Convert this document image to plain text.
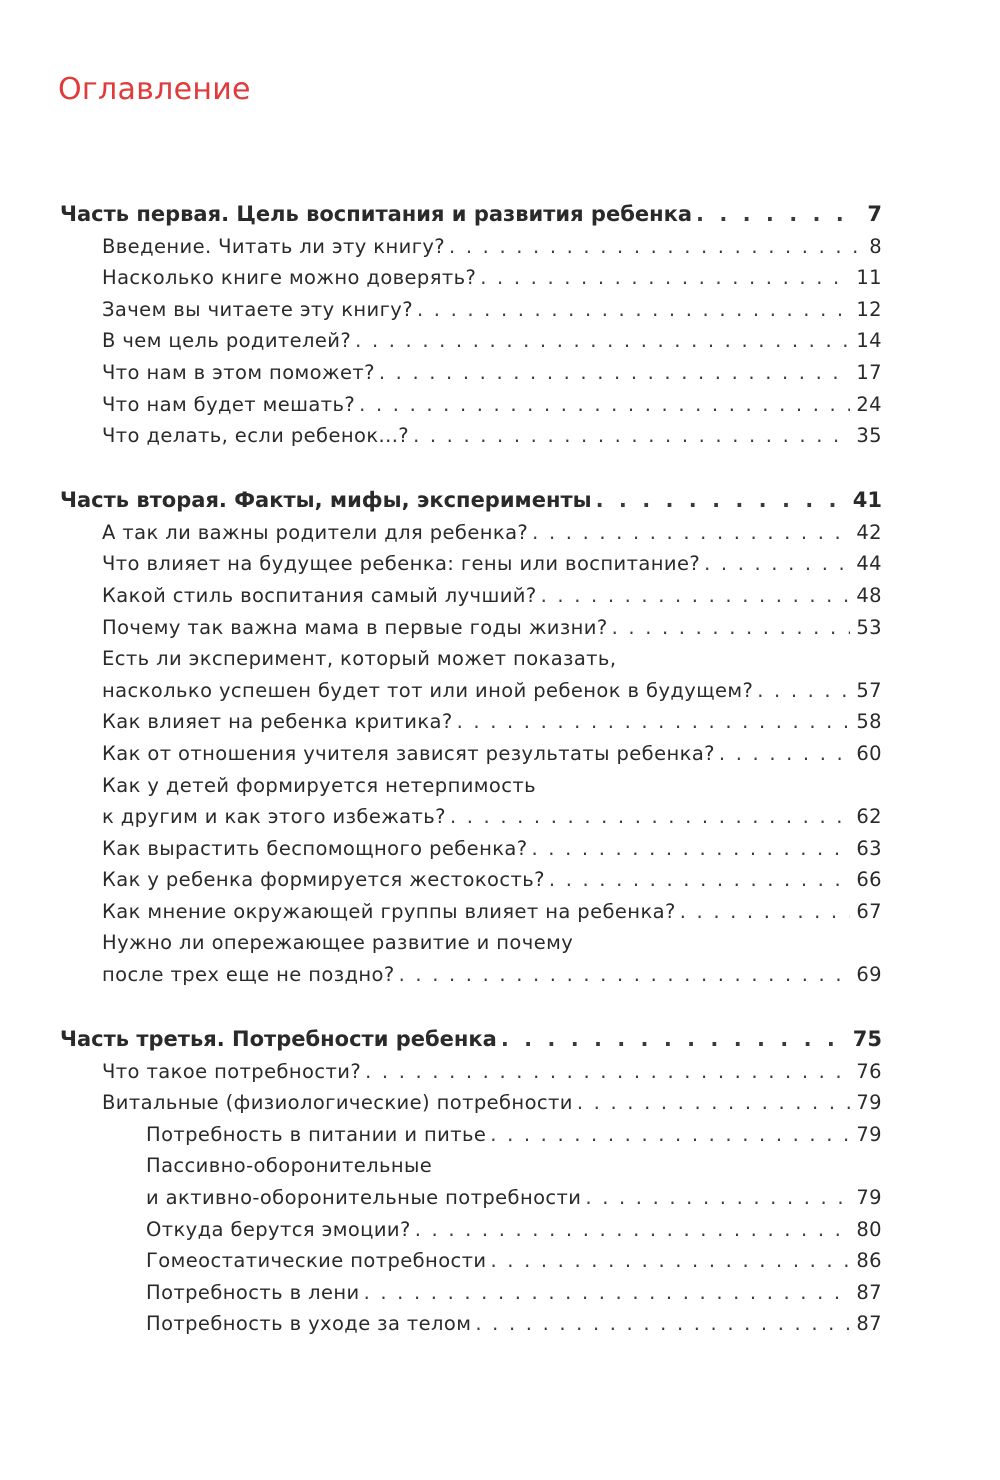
Оглавление
Часть первая. Цель воспитания и развития ребенка . . .	7
Введение. Читать ли эту книгу? . . .	8
Насколько книге можно доверять? . . .	11
Зачем вы читаете эту книгу? . . .	12
В чем цель родителей? . . .	14
Что нам в этом поможет? . . .	17
Что нам будет мешать? . . .	24
Что делать, если ребенок...? . . .	35
Часть вторая. Факты, мифы, эксперименты . . .	41
А так ли важны родители для ребенка? . . .	42
Что влияет на будущее ребенка: гены или воспитание? . . .	44
Какой стиль воспитания самый лучший? . . .	48
Почему так важна мама в первые годы жизни? . . .	53
Есть ли эксперимент, который может показать,
насколько успешен будет тот или иной ребенок в будущем? . . .	57
Как влияет на ребенка критика? . . .	58
Как от отношения учителя зависят результаты ребенка? . . .	60
Как у детей формируется нетерпимость
к другим и как этого избежать? . . .	62
Как вырастить беспомощного ребенка? . . .	63
Как у ребенка формируется жестокость? . . .	66
Как мнение окружающей группы влияет на ребенка? . . .	67
Нужно ли опережающее развитие и почему
после трех еще не поздно? . . .	69
Часть третья. Потребности ребенка . . .	75
Что такое потребности? . . .	76
Витальные (физиологические) потребности . . .	79
Потребность в питании и питье . . .	79
Пассивно-оборонительные
и активно-оборонительные потребности . . .	79
Откуда берутся эмоции? . . .	80
Гомеостатические потребности . . .	86
Потребность в лени . . .	87
Потребность в уходе за телом . . .	87
